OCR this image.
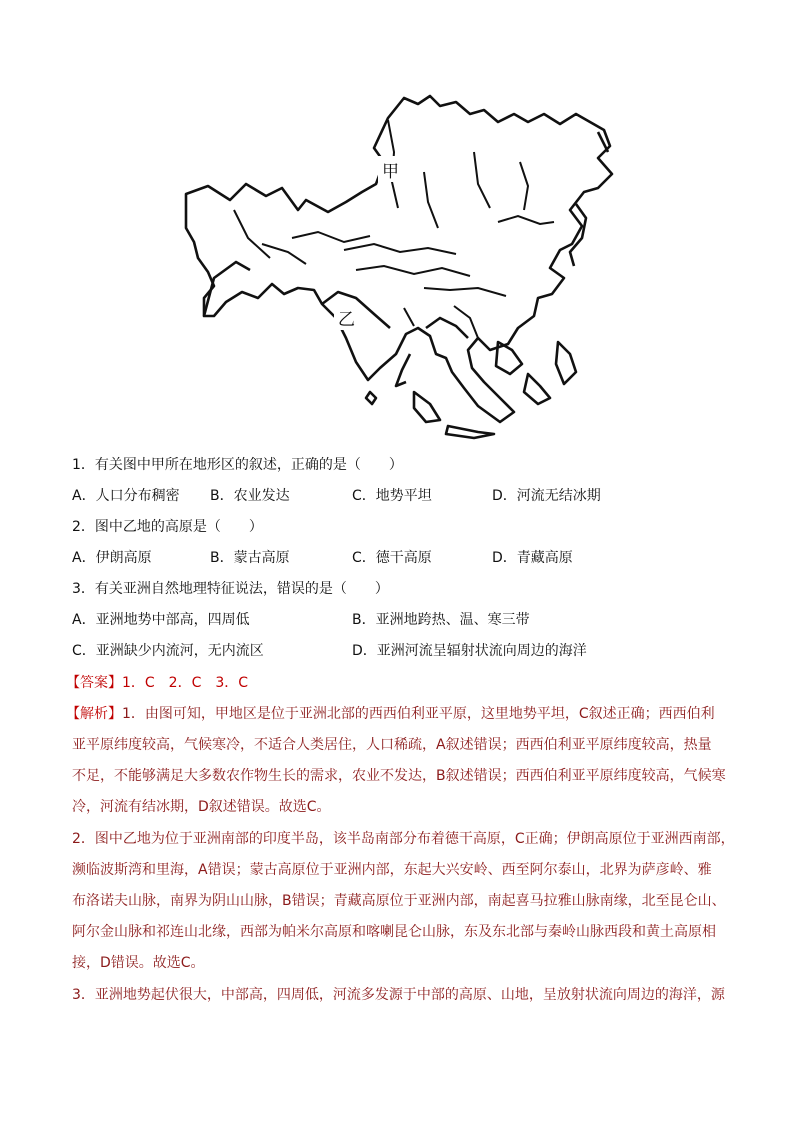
甲
乙
1．有关图中甲所在地形区的叙述，正确的是（　　）
A．人口分布稠密 B．农业发达	C．地势平坦	D．河流无结冰期
2．图中乙地的高原是（　　）
A．伊朗高原	B．蒙古高原	C．德干高原	D．青藏高原
3．有关亚洲自然地理特征说法，错误的是（　　）
A．亚洲地势中部高，四周低	B．亚洲地跨热、温、寒三带
C．亚洲缺少内流河，无内流区	D．亚洲河流呈辐射状流向周边的海洋
【答案】1．C　2．C　3．C
【解析】1．由图可知，甲地区是位于亚洲北部的西西伯利亚平原，这里地势平坦，C叙述正确；西西伯利
亚平原纬度较高，气候寒冷，不适合人类居住，人口稀疏，A叙述错误；西西伯利亚平原纬度较高，热量
不足，不能够满足大多数农作物生长的需求，农业不发达，B叙述错误；西西伯利亚平原纬度较高，气候寒
冷，河流有结冰期，D叙述错误。故选C。
2．图中乙地为位于亚洲南部的印度半岛，该半岛南部分布着德干高原，C正确；伊朗高原位于亚洲西南部，
濒临波斯湾和里海，A错误；蒙古高原位于亚洲内部，东起大兴安岭、西至阿尔泰山，北界为萨彦岭、雅
布洛诺夫山脉，南界为阴山山脉，B错误；青藏高原位于亚洲内部，南起喜马拉雅山脉南缘，北至昆仑山、
阿尔金山脉和祁连山北缘，西部为帕米尔高原和喀喇昆仑山脉，东及东北部与秦岭山脉西段和黄土高原相
接，D错误。故选C。
3．亚洲地势起伏很大，中部高，四周低，河流多发源于中部的高原、山地，呈放射状流向周边的海洋，源
